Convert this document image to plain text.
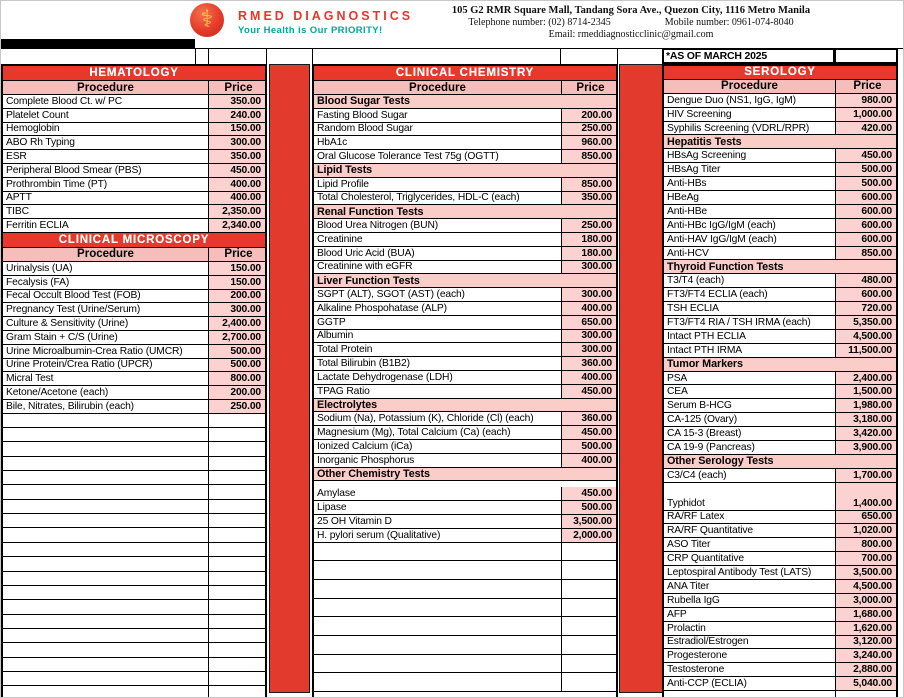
⚕ RMED DIAGNOSTICS
Your Health is Our PRIORITY!
105 G2 RMR Square Mall, Tandang Sora Ave., Quezon City, 1116 Metro Manila
Telephone number: (02) 8714-2345	Mobile number: 0961-074-8040
Email: rmeddiagnosticclinic@gmail.com
*AS OF MARCH 2025
HEMATOLOGY
Procedure	Price
Complete Blood Ct. w/ PC	350.00
Platelet Count	240.00
Hemoglobin	150.00
ABO Rh Typing	300.00
ESR	350.00
Peripheral Blood Smear (PBS)	450.00
Prothrombin Time (PT)	400.00
APTT	400.00
TIBC	2,350.00
Ferritin ECLIA	2,340.00
CLINICAL MICROSCOPY
Procedure	Price
Urinalysis (UA)	150.00
Fecalysis (FA)	150.00
Fecal Occult Blood Test (FOB)	200.00
Pregnancy Test (Urine/Serum)	300.00
Culture & Sensitivity (Urine)	2,400.00
Gram Stain + C/S (Urine)	2,700.00
Urine Microalbumin-Crea Ratio (UMCR)	500.00
Urine Protein/Crea Ratio (UPCR)	500.00
Micral Test	800.00
Ketone/Acetone (each)	200.00
Bile, Nitrates, Bilirubin (each)	250.00
CLINICAL CHEMISTRY
Procedure	Price
Blood Sugar Tests
Fasting Blood Sugar	200.00
Random Blood Sugar	250.00
HbA1c	960.00
Oral Glucose Tolerance Test 75g (OGTT)	850.00
Lipid Tests
Lipid Profile	850.00
Total Cholesterol, Triglycerides, HDL-C (each)	350.00
Renal Function Tests
Blood Urea Nitrogen (BUN)	250.00
Creatinine	180.00
Blood Uric Acid (BUA)	180.00
Creatinine with eGFR	300.00
Liver Function Tests
SGPT (ALT), SGOT (AST) (each)	300.00
Alkaline Phospohatase (ALP)	400.00
GGTP	650.00
Albumin	300.00
Total Protein	300.00
Total Bilirubin (B1B2)	360.00
Lactate Dehydrogenase (LDH)	400.00
TPAG Ratio	450.00
Electrolytes
Sodium (Na), Potassium (K), Chloride (Cl) (each)	360.00
Magnesium (Mg), Total Calcium (Ca) (each)	450.00
Ionized Calcium (iCa)	500.00
Inorganic Phosphorus	400.00
Other Chemistry Tests
Amylase	450.00
Lipase	500.00
25 OH Vitamin D	3,500.00
H. pylori serum (Qualitative)	2,000.00
SEROLOGY
Procedure	Price
Dengue Duo (NS1, IgG, IgM)	980.00
HIV Screening	1,000.00
Syphilis Screening (VDRL/RPR)	420.00
Hepatitis Tests
HBsAg Screening	450.00
HBsAg Titer	500.00
Anti-HBs	500.00
HBeAg	600.00
Anti-HBe	600.00
Anti-HBc IgG/IgM (each)	600.00
Anti-HAV IgG/IgM (each)	600.00
Anti-HCV	850.00
Thyroid Function Tests
T3/T4 (each)	480.00
FT3/FT4 ECLIA (each)	600.00
TSH ECLIA	720.00
FT3/FT4 RIA / TSH IRMA (each)	5,350.00
Intact PTH ECLIA	4,500.00
Intact PTH IRMA	11,500.00
Tumor Markers
PSA	2,400.00
CEA	1,500.00
Serum B-HCG	1,980.00
CA-125 (Ovary)	3,180.00
CA 15-3 (Breast)	3,420.00
CA 19-9 (Pancreas)	3,900.00
Other Serology Tests
C3/C4 (each)	1,700.00
Typhidot	1,400.00
RA/RF Latex	650.00
RA/RF Quantitative	1,020.00
ASO Titer	800.00
CRP Quantitative	700.00
Leptospiral Antibody Test (LATS)	3,500.00
ANA Titer	4,500.00
Rubella IgG	3,000.00
AFP	1,680.00
Prolactin	1,620.00
Estradiol/Estrogen	3,120.00
Progesterone	3,240.00
Testosterone	2,880.00
Anti-CCP (ECLIA)	5,040.00
